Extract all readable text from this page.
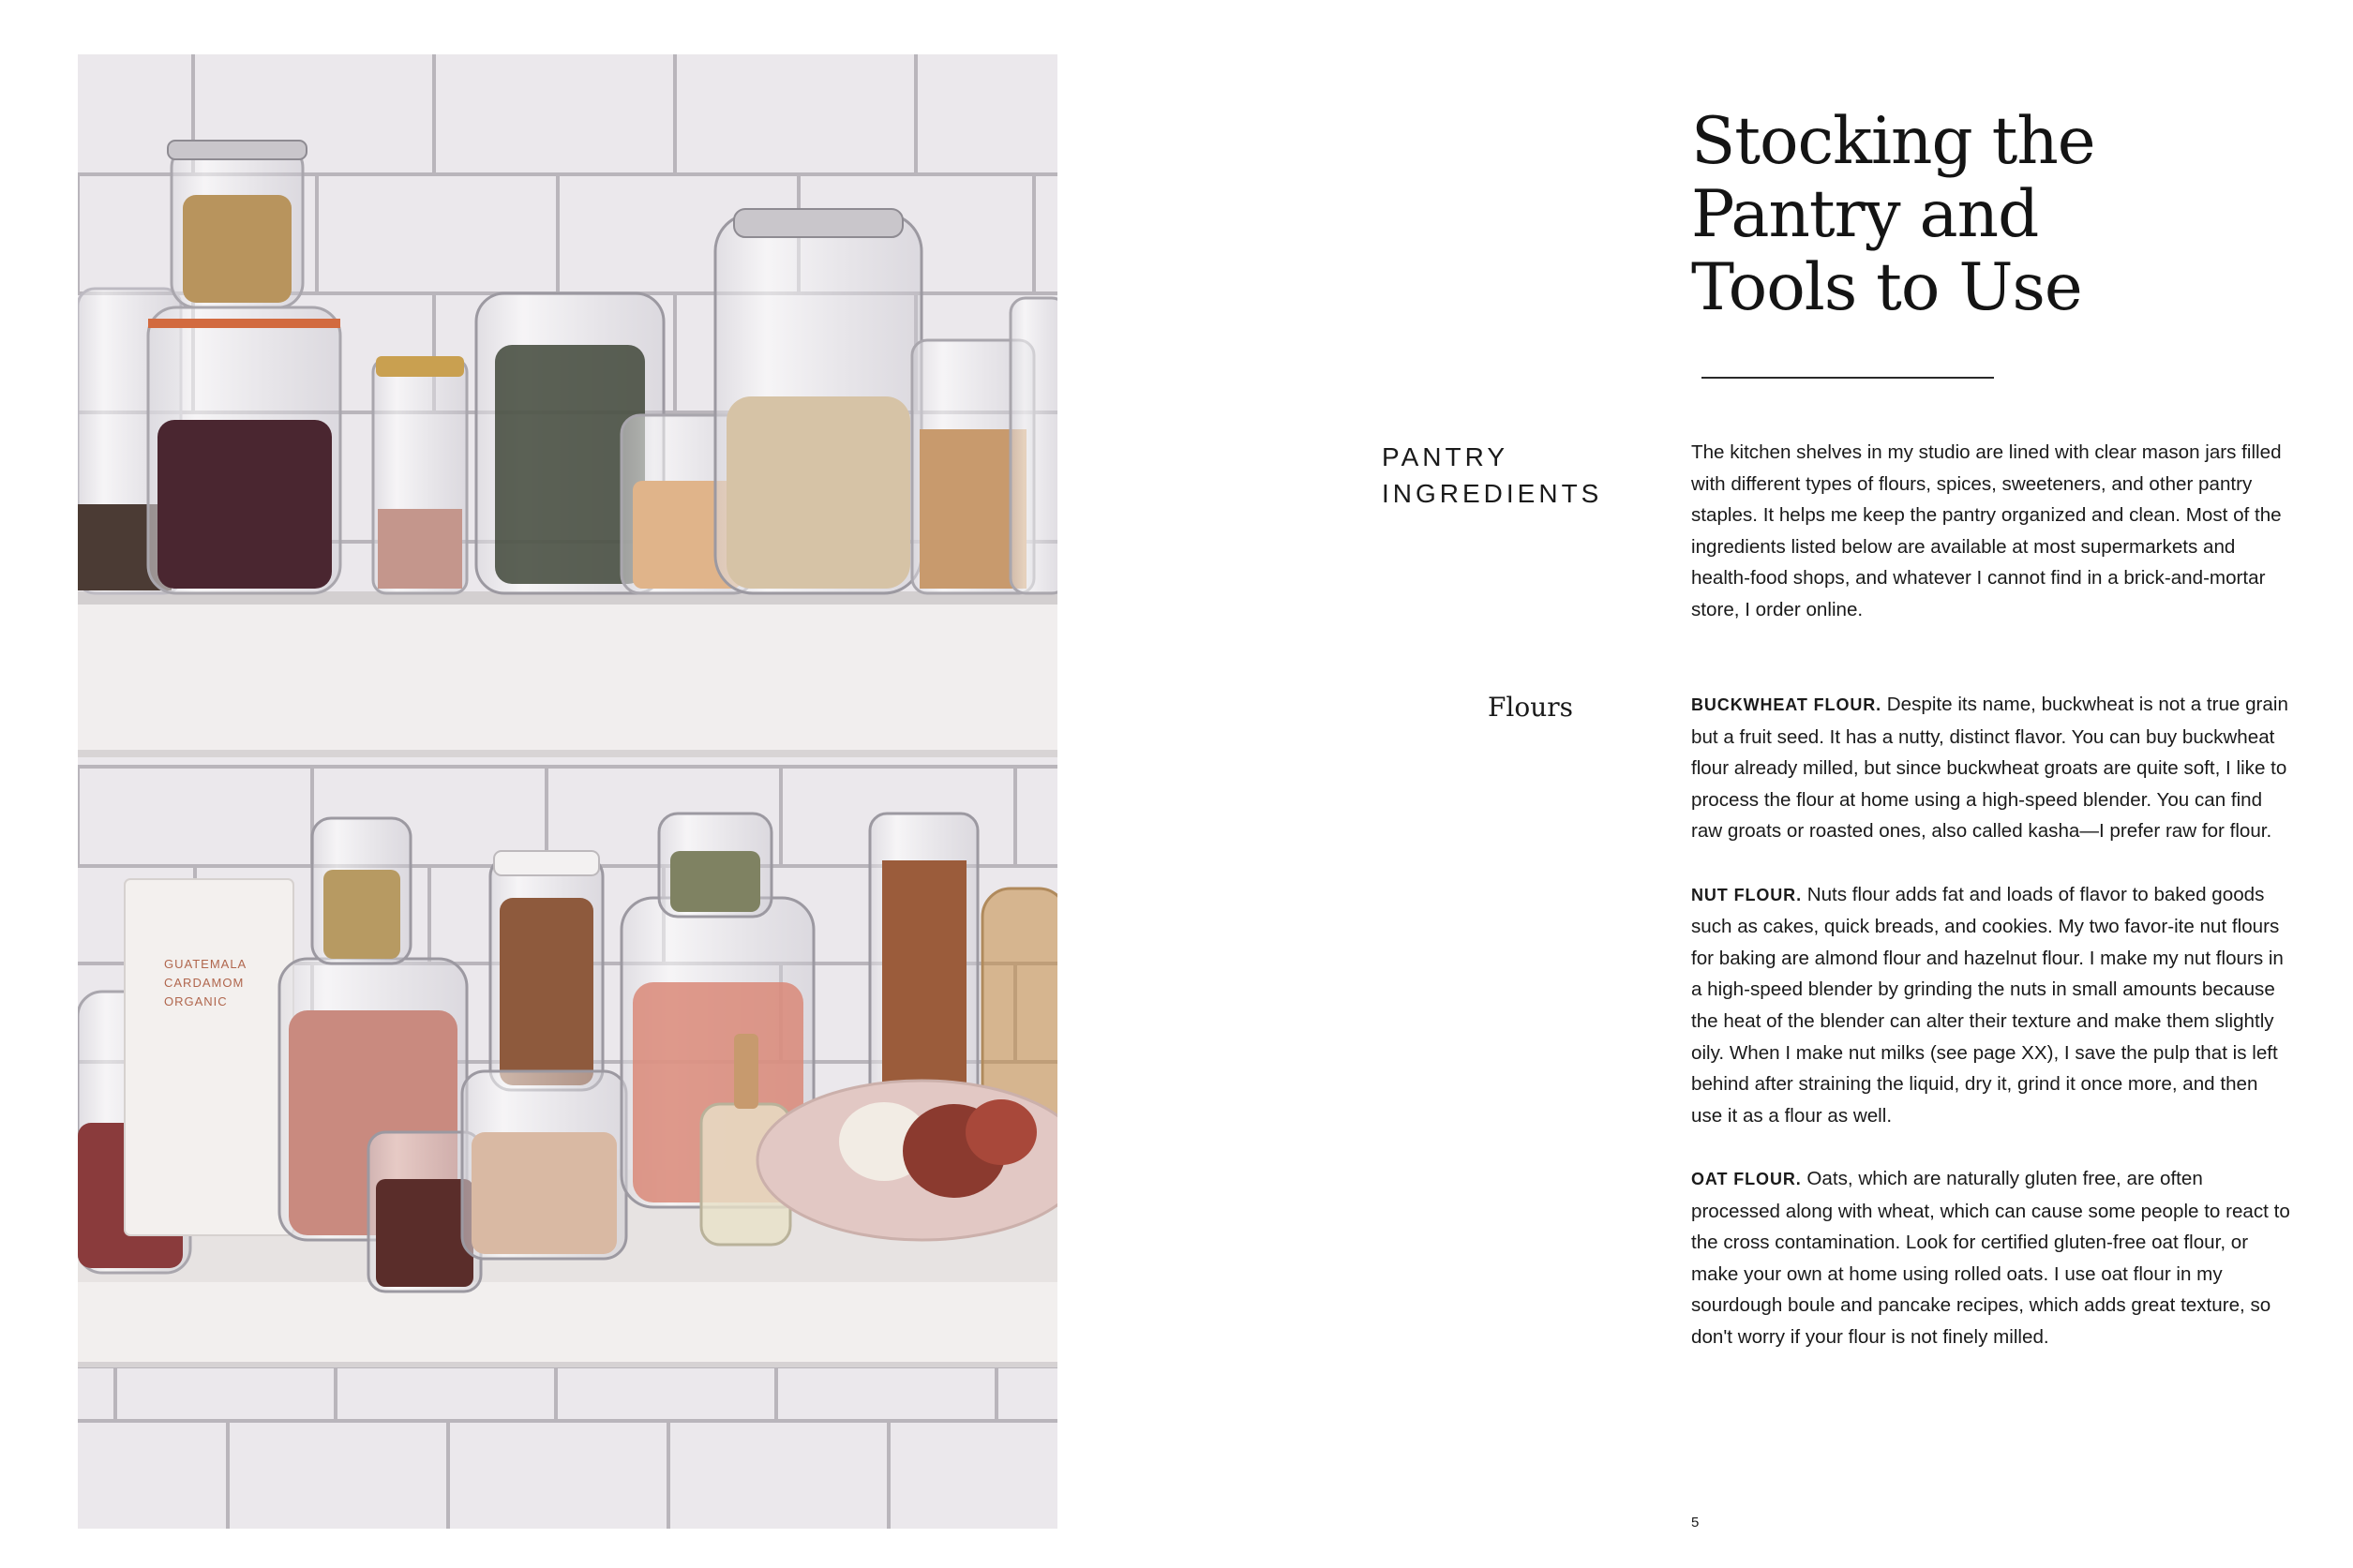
GUATEMALA
CARDAMOM
ORGANIC
Stocking the
Pantry and
Tools to Use
PANTRY
INGREDIENTS

The kitchen shelves in my studio are lined with clear mason jars filled with different types of flours, spices, sweeteners, and other pantry staples. It helps me keep the pantry organized and clean. Most of the ingredients listed below are available at most supermarkets and health-food shops, and whatever I cannot find in a brick-and-mortar store, I order online.

Flours	BUCKWHEAT FLOUR. Despite its name, buckwheat is not a true grain but a fruit seed. It has a nutty, distinct flavor. You can buy buckwheat flour already milled, but since buckwheat groats are quite soft, I like to process the flour at home using a high-speed blender. You can find raw groats or roasted ones, also called kasha—I prefer raw for flour.

NUT FLOUR. Nuts flour adds fat and loads of flavor to baked goods such as cakes, quick breads, and cookies. My two favor-ite nut flours for baking are almond flour and hazelnut flour. I make my nut flours in a high-speed blender by grinding the nuts in small amounts because the heat of the blender can alter their texture and make them slightly oily. When I make nut milks (see page XX), I save the pulp that is left behind after straining the liquid, dry it, grind it once more, and then use it as a flour as well.

OAT FLOUR. Oats, which are naturally gluten free, are often processed along with wheat, which can cause some people to react to the cross contamination. Look for certified gluten-free oat flour, or make your own at home using rolled oats. I use oat flour in my sourdough boule and pancake recipes, which adds great texture, so don't worry if your flour is not finely milled.

5
